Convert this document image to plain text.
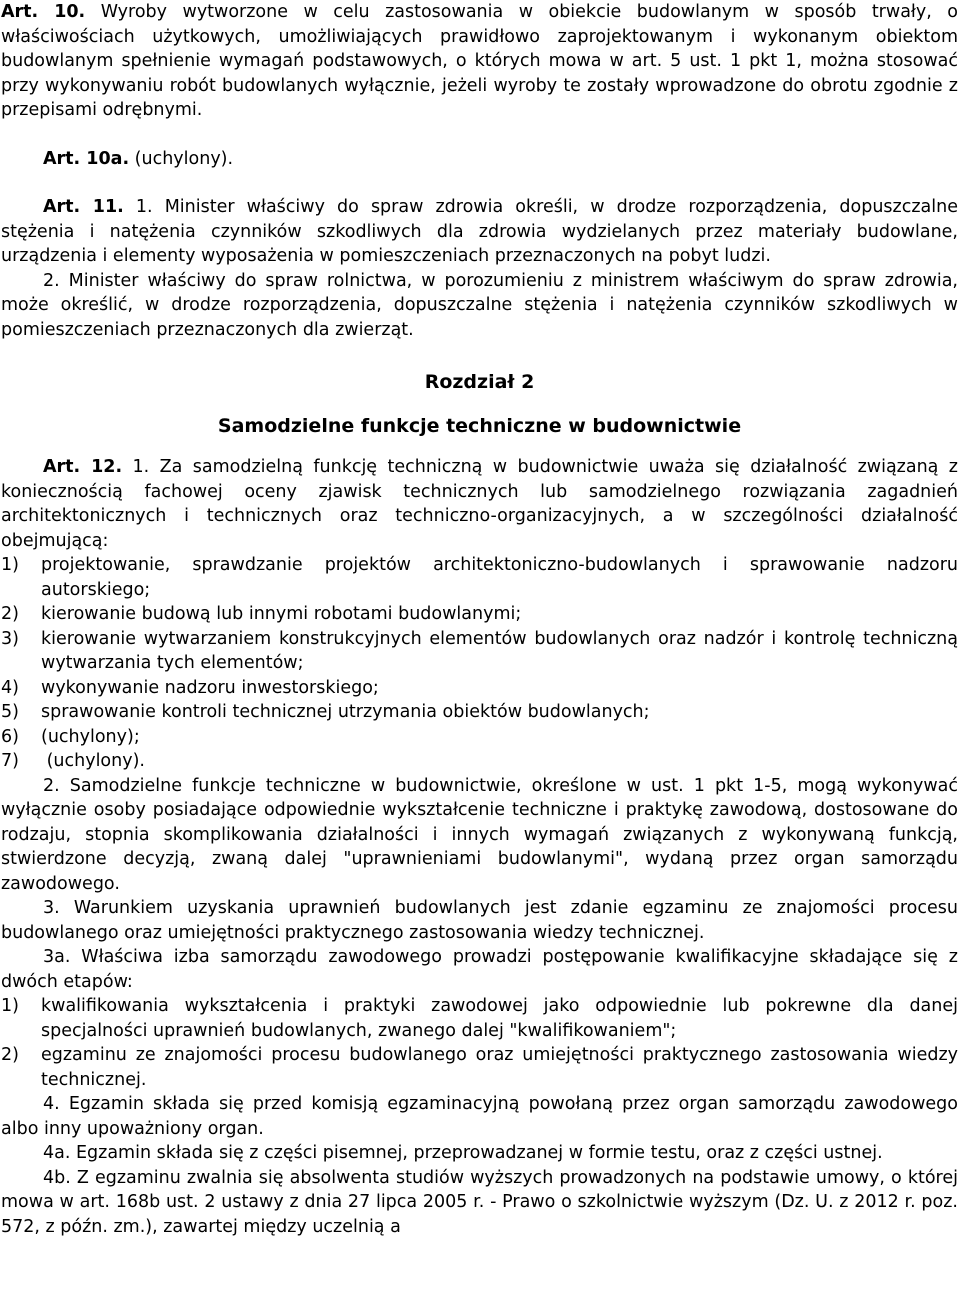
Art. 10. Wyroby wytworzone w celu zastosowania w obiekcie budowlanym w sposób trwały, o właściwościach użytkowych, umożliwiających prawidłowo zaprojektowanym i wykonanym obiektom budowlanym spełnienie wymagań podstawowych, o których mowa w art. 5 ust. 1 pkt 1, można stosować przy wykonywaniu robót budowlanych wyłącznie, jeżeli wyroby te zostały wprowadzone do obrotu zgodnie z przepisami odrębnymi.

Art. 10a. (uchylony).

Art. 11. 1. Minister właściwy do spraw zdrowia określi, w drodze rozporządzenia, dopuszczalne stężenia i natężenia czynników szkodliwych dla zdrowia wydzielanych przez materiały budowlane, urządzenia i elementy wyposażenia w pomieszczeniach przeznaczonych na pobyt ludzi.

2. Minister właściwy do spraw rolnictwa, w porozumieniu z ministrem właściwym do spraw zdrowia, może określić, w drodze rozporządzenia, dopuszczalne stężenia i natężenia czynników szkodliwych w pomieszczeniach przeznaczonych dla zwierząt.

Rozdział 2

Samodzielne funkcje techniczne w budownictwie

Art. 12. 1. Za samodzielną funkcję techniczną w budownictwie uważa się działalność związaną z koniecznością fachowej oceny zjawisk technicznych lub samodzielnego rozwiązania zagadnień architektonicznych i technicznych oraz techniczno-organizacyjnych, a w szczególności działalność obejmującą:

1)	projektowanie, sprawdzanie projektów architektoniczno-budowlanych i sprawowanie nadzoru autorskiego;
2)	kierowanie budową lub innymi robotami budowlanymi;
3)	kierowanie wytwarzaniem konstrukcyjnych elementów budowlanych oraz nadzór i kontrolę techniczną wytwarzania tych elementów;
4)	wykonywanie nadzoru inwestorskiego;
5)	sprawowanie kontroli technicznej utrzymania obiektów budowlanych;
6)	(uchylony);
7)	(uchylony).

2. Samodzielne funkcje techniczne w budownictwie, określone w ust. 1 pkt 1-5, mogą wykonywać wyłącznie osoby posiadające odpowiednie wykształcenie techniczne i praktykę zawodową, dostosowane do rodzaju, stopnia skomplikowania działalności i innych wymagań związanych z wykonywaną funkcją, stwierdzone decyzją, zwaną dalej "uprawnieniami budowlanymi", wydaną przez organ samorządu zawodowego.

3. Warunkiem uzyskania uprawnień budowlanych jest zdanie egzaminu ze znajomości procesu budowlanego oraz umiejętności praktycznego zastosowania wiedzy technicznej.

3a. Właściwa izba samorządu zawodowego prowadzi postępowanie kwalifikacyjne składające się z dwóch etapów:

1)	kwalifikowania wykształcenia i praktyki zawodowej jako odpowiednie lub pokrewne dla danej specjalności uprawnień budowlanych, zwanego dalej "kwalifikowaniem";
2)	egzaminu ze znajomości procesu budowlanego oraz umiejętności praktycznego zastosowania wiedzy technicznej.

4. Egzamin składa się przed komisją egzaminacyjną powołaną przez organ samorządu zawodowego albo inny upoważniony organ.

4a. Egzamin składa się z części pisemnej, przeprowadzanej w formie testu, oraz z części ustnej.

4b. Z egzaminu zwalnia się absolwenta studiów wyższych prowadzonych na podstawie umowy, o której mowa w art. 168b ust. 2 ustawy z dnia 27 lipca 2005 r. - Prawo o szkolnictwie wyższym (Dz. U. z 2012 r. poz. 572, z późn. zm.), zawartej między uczelnią a
